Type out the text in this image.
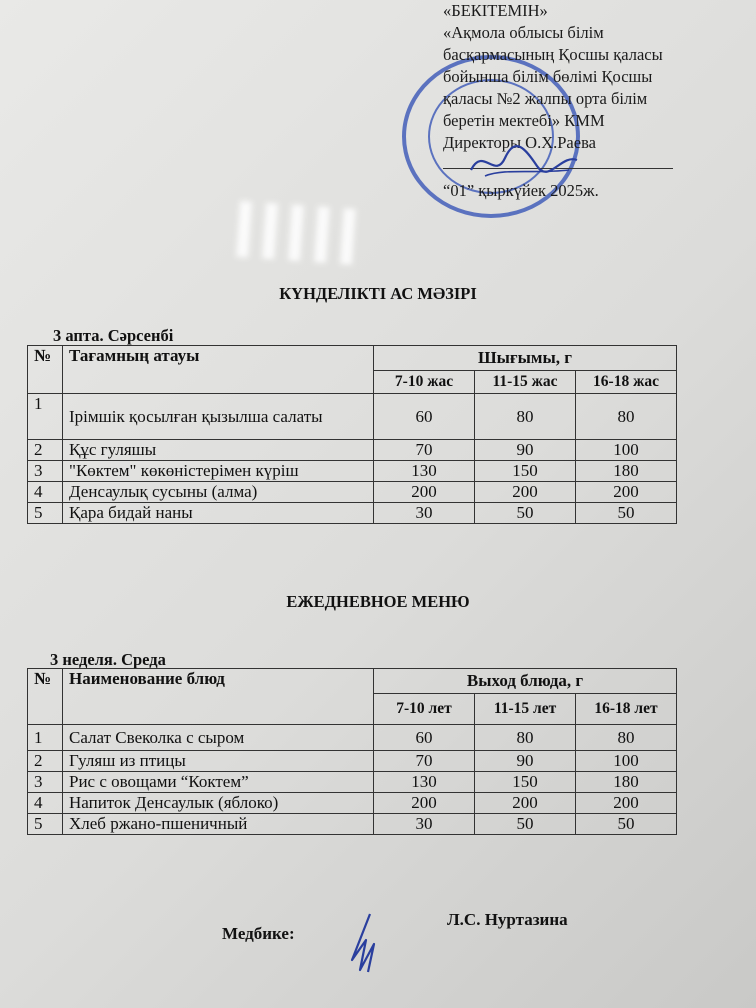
«БЕКІТЕМІН»
«Ақмола облысы білім
басқармасының Қосшы қаласы
бойынша білім бөлімі Қосшы
қаласы №2 жалпы орта білім
беретін мектебі» КММ
Директоры О.Х.Раева
“01” қыркүйек 2025ж.
КҮНДЕЛІКТІ АС МӘЗІРІ
3 апта. Сәрсенбі
№	Тағамның атауы	Шығымы, г		
		7-10 жас	11-15 жас	16-18 жас
1	Ірімшік қосылған қызылша салаты	60	80	80
2	Құс гуляшы	70	90	100
3	"Көктем" көкөністерімен күріш	130	150	180
4	Денсаулық сусыны (алма)	200	200	200
5	Қара бидай наны	30	50	50
ЕЖЕДНЕВНОЕ МЕНЮ
3 неделя. Среда
№	Наименование блюд	Выход блюда, г		
		7-10 лет	11-15 лет	16-18 лет
1	Салат Свеколка с сыром	60	80	80
2	Гуляш из птицы	70	90	100
3	Рис с овощами “Коктем”	130	150	180
4	Напиток Денсаулык (яблоко)	200	200	200
5	Хлеб ржано-пшеничный	30	50	50
Медбике:
Л.С. Нуртазина
